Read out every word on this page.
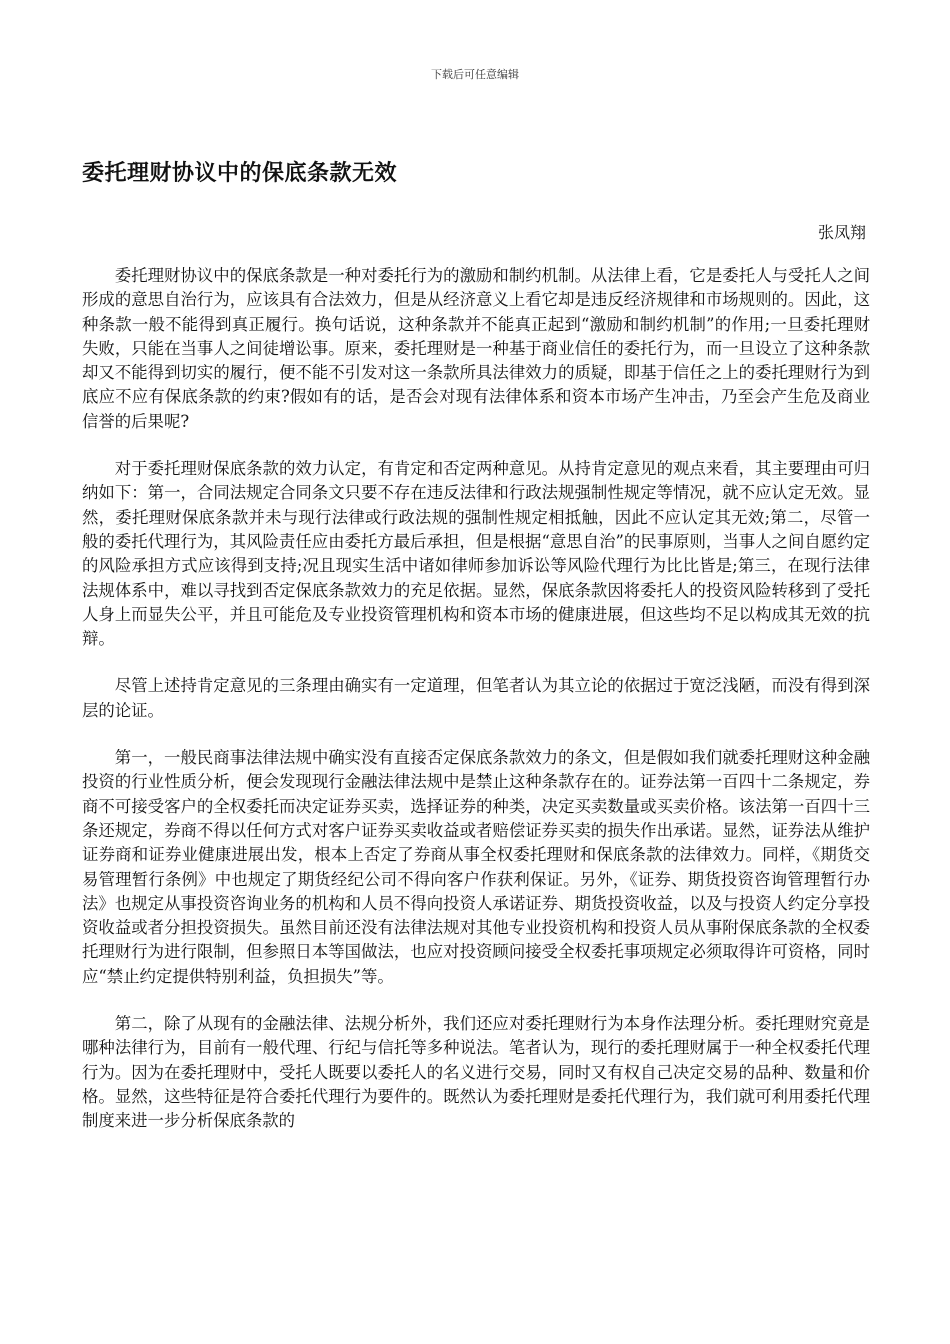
下载后可任意编辑
委托理财协议中的保底条款无效
张凤翔

委托理财协议中的保底条款是一种对委托行为的激励和制约机制。从法律上看，它是委托人与受托人之间形成的意思自治行为，应该具有合法效力，但是从经济意义上看它却是违反经济规律和市场规则的。因此，这种条款一般不能得到真正履行。换句话说，这种条款并不能真正起到“激励和制约机制”的作用;一旦委托理财失败，只能在当事人之间徒增讼事。原来，委托理财是一种基于商业信任的委托行为，而一旦设立了这种条款却又不能得到切实的履行，便不能不引发对这一条款所具法律效力的质疑，即基于信任之上的委托理财行为到底应不应有保底条款的约束?假如有的话，是否会对现有法律体系和资本市场产生冲击，乃至会产生危及商业信誉的后果呢?

对于委托理财保底条款的效力认定，有肯定和否定两种意见。从持肯定意见的观点来看，其主要理由可归纳如下：第一，合同法规定合同条文只要不存在违反法律和行政法规强制性规定等情况，就不应认定无效。显然，委托理财保底条款并未与现行法律或行政法规的强制性规定相抵触，因此不应认定其无效;第二，尽管一般的委托代理行为，其风险责任应由委托方最后承担，但是根据“意思自治”的民事原则，当事人之间自愿约定的风险承担方式应该得到支持;况且现实生活中诸如律师参加诉讼等风险代理行为比比皆是;第三，在现行法律法规体系中，难以寻找到否定保底条款效力的充足依据。显然，保底条款因将委托人的投资风险转移到了受托人身上而显失公平，并且可能危及专业投资管理机构和资本市场的健康进展，但这些均不足以构成其无效的抗辩。

尽管上述持肯定意见的三条理由确实有一定道理，但笔者认为其立论的依据过于宽泛浅陋，而没有得到深层的论证。

第一，一般民商事法律法规中确实没有直接否定保底条款效力的条文，但是假如我们就委托理财这种金融投资的行业性质分析，便会发现现行金融法律法规中是禁止这种条款存在的。证券法第一百四十二条规定，券商不可接受客户的全权委托而决定证券买卖，选择证券的种类，决定买卖数量或买卖价格。该法第一百四十三条还规定，券商不得以任何方式对客户证券买卖收益或者赔偿证券买卖的损失作出承诺。显然，证券法从维护证券商和证券业健康进展出发，根本上否定了券商从事全权委托理财和保底条款的法律效力。同样，《期货交易管理暂行条例》中也规定了期货经纪公司不得向客户作获利保证。另外，《证券、期货投资咨询管理暂行办法》也规定从事投资咨询业务的机构和人员不得向投资人承诺证券、期货投资收益，以及与投资人约定分享投资收益或者分担投资损失。虽然目前还没有法律法规对其他专业投资机构和投资人员从事附保底条款的全权委托理财行为进行限制，但参照日本等国做法，也应对投资顾问接受全权委托事项规定必须取得许可资格，同时应“禁止约定提供特别利益，负担损失”等。

第二，除了从现有的金融法律、法规分析外，我们还应对委托理财行为本身作法理分析。委托理财究竟是哪种法律行为，目前有一般代理、行纪与信托等多种说法。笔者认为，现行的委托理财属于一种全权委托代理行为。因为在委托理财中，受托人既要以委托人的名义进行交易，同时又有权自己决定交易的品种、数量和价格。显然，这些特征是符合委托代理行为要件的。既然认为委托理财是委托代理行为，我们就可利用委托代理制度来进一步分析保底条款的
